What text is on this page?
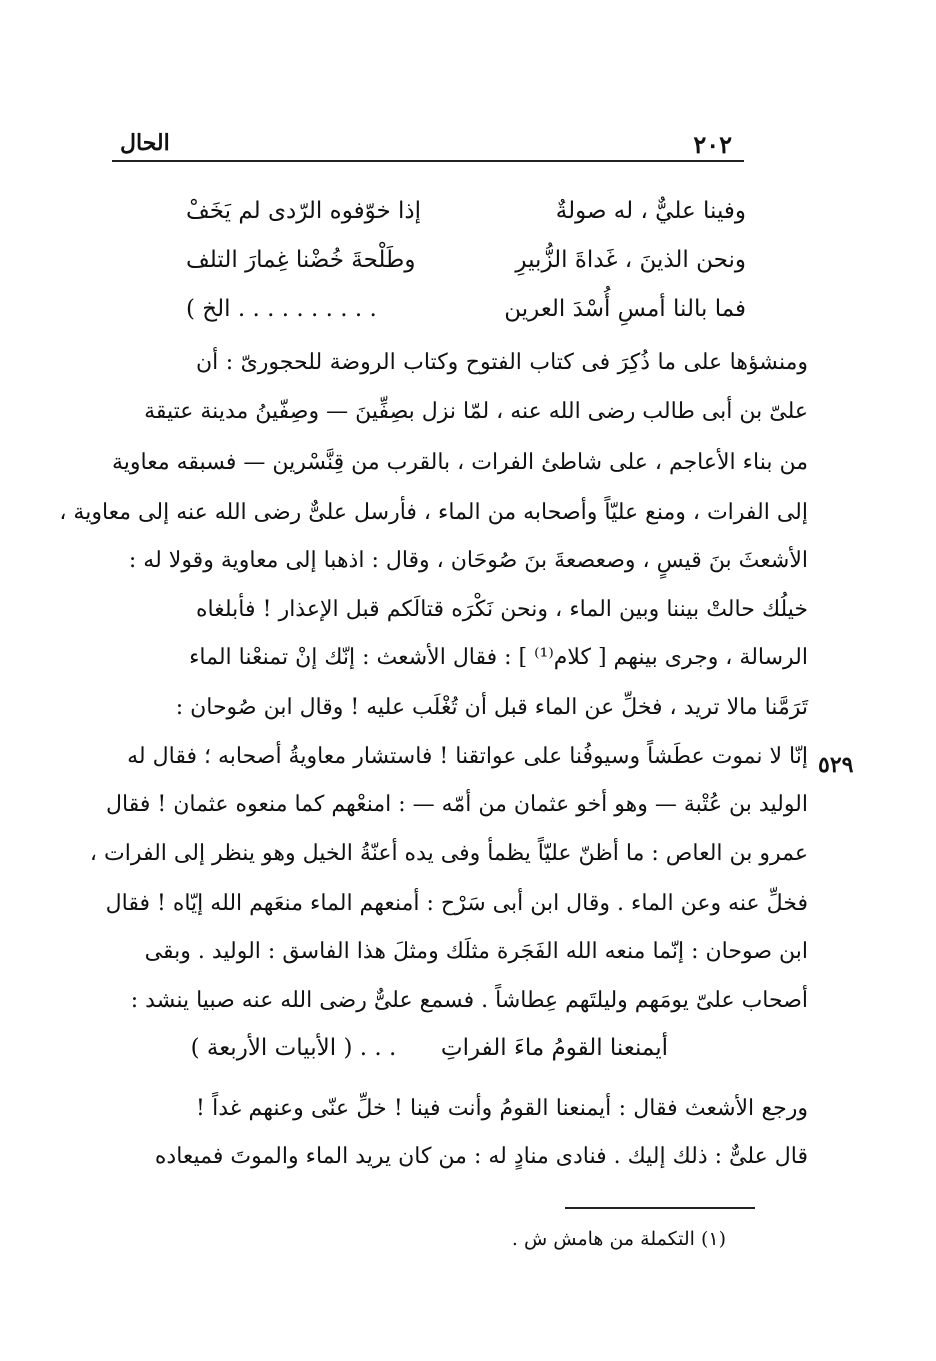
٢٠٢
الحال
وفينا عليٌّ ، له صولةٌ
إذا خوّفوه الرّدى لم يَخَفْ
ونحن الذينَ ، غَداةَ الزُّبيرِ
وطَلْحةَ خُضْنا غِمارَ التلف
فما بالنا أمسِ أُسْدَ العرين
. . . . . . . . . . الخ )
ومنشؤها على ما ذُكِرَ فى كتاب الفتوح وكتاب الروضة للحجورىّ : أن
علىّ بن أبى طالب رضى الله عنه ، لمّا نزل بصِفِّينَ — وصِفّينُ مدينة عتيقة
من بناء الأعاجم ، على شاطئ الفرات ، بالقرب من قِنَّسْرين — فسبقه معاوية
إلى الفرات ، ومنع عليّاً وأصحابه من الماء ، فأرسل علىٌّ رضى الله عنه إلى معاوية ،
الأشعثَ بنَ قيسٍ ، وصعصعةَ بنَ صُوحَان ، وقال : اذهبا إلى معاوية وقولا له :
خيلُك حالتْ بيننا وبين الماء ، ونحن نَكْرَه قتالَكم قبل الإعذار ! فأبلغاه
الرسالة ، وجرى بينهم [ كلام⁽¹⁾ ] : فقال الأشعث : إنّك إنْ تمنعْنا الماء
تَرَمَّنا مالا تريد ، فخلِّ عن الماء قبل أن تُغْلَب عليه ! وقال ابن صُوحان :
إنّا لا نموت عطَشاً وسيوفُنا على عواتقنا ! فاستشار معاويةُ أصحابه ؛ فقال له
الوليد بن عُتْبة — وهو أخو عثمان من أمّه — : امنعْهم كما منعوه عثمان ! فقال
عمرو بن العاص : ما أظنّ عليّاً يظمأ وفى يده أعنّةُ الخيل وهو ينظر إلى الفرات ،
فخلِّ عنه وعن الماء . وقال ابن أبى سَرْح : أمنعهم الماء منعَهم الله إيّاه ! فقال
ابن صوحان : إنّما منعه الله الفَجَرة مثلَك ومثلَ هذا الفاسق : الوليد . وبقى
أصحاب علىّ يومَهم وليلتَهم عِطاشاً . فسمع علىٌّ رضى الله عنه صبيا ينشد :
٥٢٩
أيمنعنا القومُ ماءَ الفراتِ  . . . ( الأبيات الأربعة )
ورجع الأشعث فقال : أيمنعنا القومُ وأنت فينا ! خلِّ عنّى وعنهم غداً !
قال علىٌّ : ذلك إليك . فنادى منادٍ له : من كان يريد الماء والموتَ فميعاده
(١) التكملة من هامش ش .
